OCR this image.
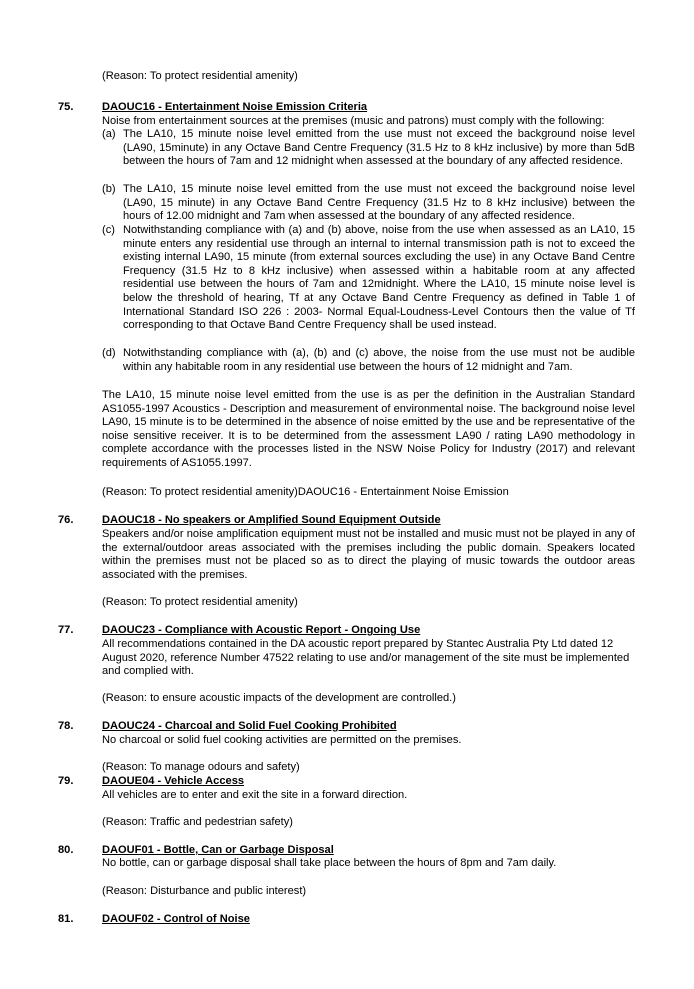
(Reason: To protect residential amenity)

75.	DAOUC16 - Entertainment Noise Emission Criteria

Noise from entertainment sources at the premises (music and patrons) must comply with the following:

(a) The LA10, 15 minute noise level emitted from the use must not exceed the background noise level (LA90, 15minute) in any Octave Band Centre Frequency (31.5 Hz to 8 kHz inclusive) by more than 5dB between the hours of 7am and 12 midnight when assessed at the boundary of any affected residence.
(b) The LA10, 15 minute noise level emitted from the use must not exceed the background noise level (LA90, 15 minute) in any Octave Band Centre Frequency (31.5 Hz to 8 kHz inclusive) between the hours of 12.00 midnight and 7am when assessed at the boundary of any affected residence.
(c) Notwithstanding compliance with (a) and (b) above, noise from the use when assessed as an LA10, 15 minute enters any residential use through an internal to internal transmission path is not to exceed the existing internal LA90, 15 minute (from external sources excluding the use) in any Octave Band Centre Frequency (31.5 Hz to 8 kHz inclusive) when assessed within a habitable room at any affected residential use between the hours of 7am and 12midnight. Where the LA10, 15 minute noise level is below the threshold of hearing, Tf at any Octave Band Centre Frequency as defined in Table 1 of International Standard ISO 226 : 2003- Normal Equal-Loudness-Level Contours then the value of Tf corresponding to that Octave Band Centre Frequency shall be used instead.
(d) Notwithstanding compliance with (a), (b) and (c) above, the noise from the use must not be audible within any habitable room in any residential use between the hours of 12 midnight and 7am.

The LA10, 15 minute noise level emitted from the use is as per the definition in the Australian Standard AS1055-1997 Acoustics - Description and measurement of environmental noise. The background noise level LA90, 15 minute is to be determined in the absence of noise emitted by the use and be representative of the noise sensitive receiver. It is to be determined from the assessment LA90 / rating LA90 methodology in complete accordance with the processes listed in the NSW Noise Policy for Industry (2017) and relevant requirements of AS1055.1997.

(Reason: To protect residential amenity)DAOUC16 - Entertainment Noise Emission

76.	DAOUC18 - No speakers or Amplified Sound Equipment Outside

Speakers and/or noise amplification equipment must not be installed and music must not be played in any of the external/outdoor areas associated with the premises including the public domain. Speakers located within the premises must not be placed so as to direct the playing of music towards the outdoor areas associated with the premises.

(Reason: To protect residential amenity)

77.	DAOUC23 - Compliance with Acoustic Report - Ongoing Use

All recommendations contained in the DA acoustic report prepared by Stantec Australia Pty Ltd dated 12 August 2020, reference Number 47522 relating to use and/or management of the site must be implemented and complied with.

(Reason: to ensure acoustic impacts of the development are controlled.)

78.	DAOUC24 - Charcoal and Solid Fuel Cooking Prohibited

No charcoal or solid fuel cooking activities are permitted on the premises.

(Reason: To manage odours and safety)

79.	DAOUE04 - Vehicle Access

All vehicles are to enter and exit the site in a forward direction.

(Reason: Traffic and pedestrian safety)

80.	DAOUF01 - Bottle, Can or Garbage Disposal

No bottle, can or garbage disposal shall take place between the hours of 8pm and 7am daily.

(Reason: Disturbance and public interest)

81.	DAOUF02 - Control of Noise
